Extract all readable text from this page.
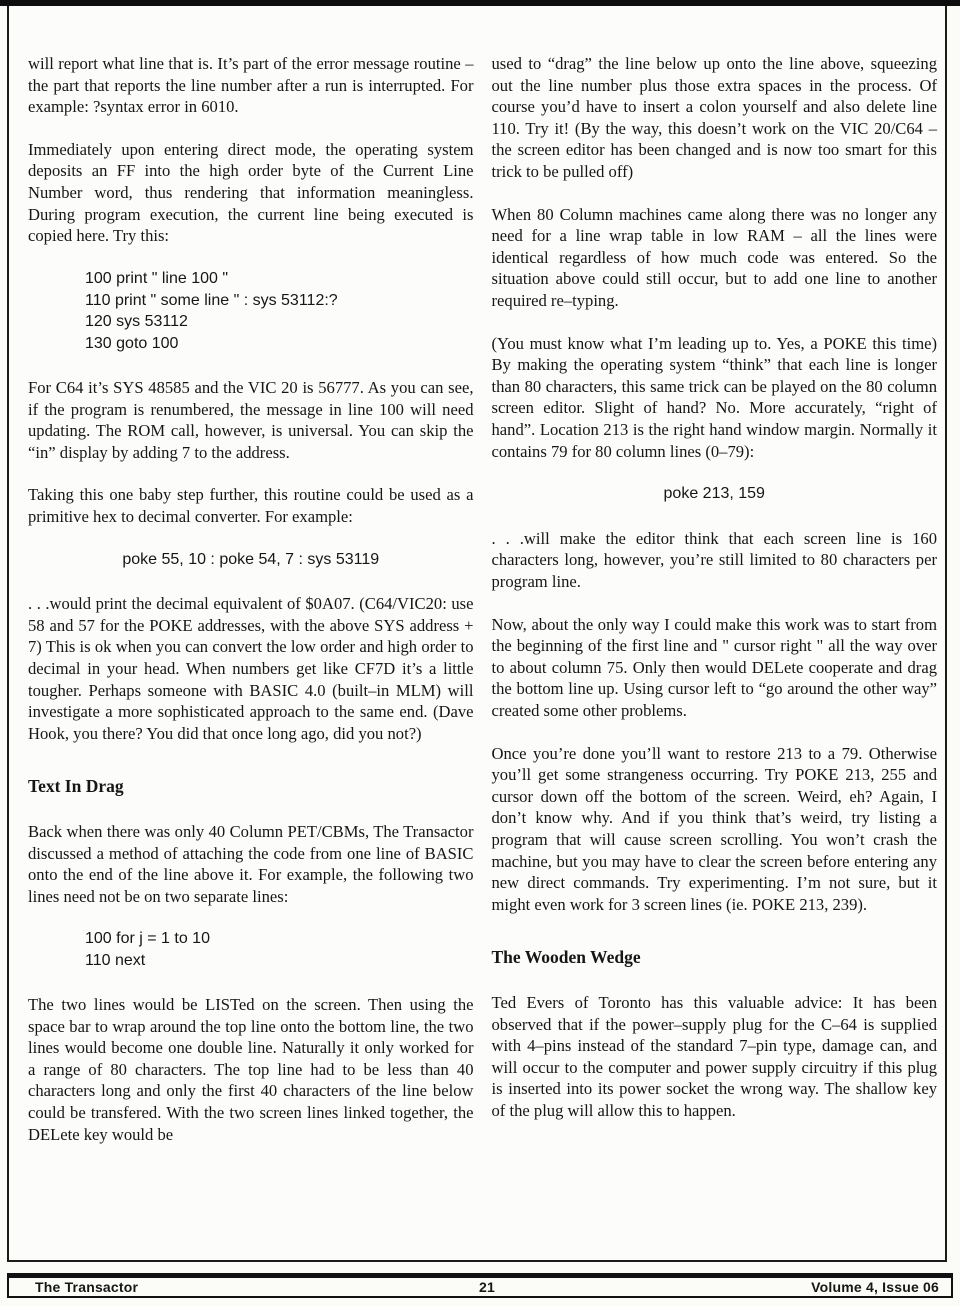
will report what line that is. It’s part of the error message routine – the part that reports the line number after a run is interrupted. For example: ?syntax error in 6010.

Immediately upon entering direct mode, the operating system deposits an FF into the high order byte of the Current Line Number word, thus rendering that information meaningless. During program execution, the current line being executed is copied here. Try this:

100 print " line 100 "
110 print " some line " : sys 53112:?
120 sys 53112
130 goto 100

For C64 it’s SYS 48585 and the VIC 20 is 56777. As you can see, if the program is renumbered, the message in line 100 will need updating. The ROM call, however, is universal. You can skip the “in” display by adding 7 to the address.

Taking this one baby step further, this routine could be used as a primitive hex to decimal converter. For example:

poke 55, 10 : poke 54, 7 : sys 53119

. . .would print the decimal equivalent of $0A07. (C64/VIC20: use 58 and 57 for the POKE addresses, with the above SYS address + 7) This is ok when you can convert the low order and high order to decimal in your head. When numbers get like CF7D it’s a little tougher. Perhaps someone with BASIC 4.0 (built–in MLM) will investigate a more sophisticated approach to the same end. (Dave Hook, you there? You did that once long ago, did you not?)

Text In Drag

Back when there was only 40 Column PET/CBMs, The Transactor discussed a method of attaching the code from one line of BASIC onto the end of the line above it. For example, the following two lines need not be on two separate lines:

100 for j = 1 to 10
110 next

The two lines would be LISTed on the screen. Then using the space bar to wrap around the top line onto the bottom line, the two lines would become one double line. Naturally it only worked for a range of 80 characters. The top line had to be less than 40 characters long and only the first 40 characters of the line below could be transfered. With the two screen lines linked together, the DELete key would be

used to “drag” the line below up onto the line above, squeezing out the line number plus those extra spaces in the process. Of course you’d have to insert a colon yourself and also delete line 110. Try it! (By the way, this doesn’t work on the VIC 20/C64 – the screen editor has been changed and is now too smart for this trick to be pulled off)

When 80 Column machines came along there was no longer any need for a line wrap table in low RAM – all the lines were identical regardless of how much code was entered. So the situation above could still occur, but to add one line to another required re–typing.

(You must know what I’m leading up to. Yes, a POKE this time) By making the operating system “think” that each line is longer than 80 characters, this same trick can be played on the 80 column screen editor. Slight of hand? No. More accurately, “right of hand”. Location 213 is the right hand window margin. Normally it contains 79 for 80 column lines (0–79):

poke 213, 159

. . .will make the editor think that each screen line is 160 characters long, however, you’re still limited to 80 characters per program line.

Now, about the only way I could make this work was to start from the beginning of the first line and " cursor right " all the way over to about column 75. Only then would DELete cooperate and drag the bottom line up. Using cursor left to “go around the other way” created some other problems.

Once you’re done you’ll want to restore 213 to a 79. Otherwise you’ll get some strangeness occurring. Try POKE 213, 255 and cursor down off the bottom of the screen. Weird, eh? Again, I don’t know why. And if you think that’s weird, try listing a program that will cause screen scrolling. You won’t crash the machine, but you may have to clear the screen before entering any new direct commands. Try experimenting. I’m not sure, but it might even work for 3 screen lines (ie. POKE 213, 239).

The Wooden Wedge

Ted Evers of Toronto has this valuable advice: It has been observed that if the power–supply plug for the C–64 is supplied with 4–pins instead of the standard 7–pin type, damage can, and will occur to the computer and power supply circuitry if this plug is inserted into its power socket the wrong way. The shallow key of the plug will allow this to happen.

The Transactor	21	Volume 4, Issue 06
